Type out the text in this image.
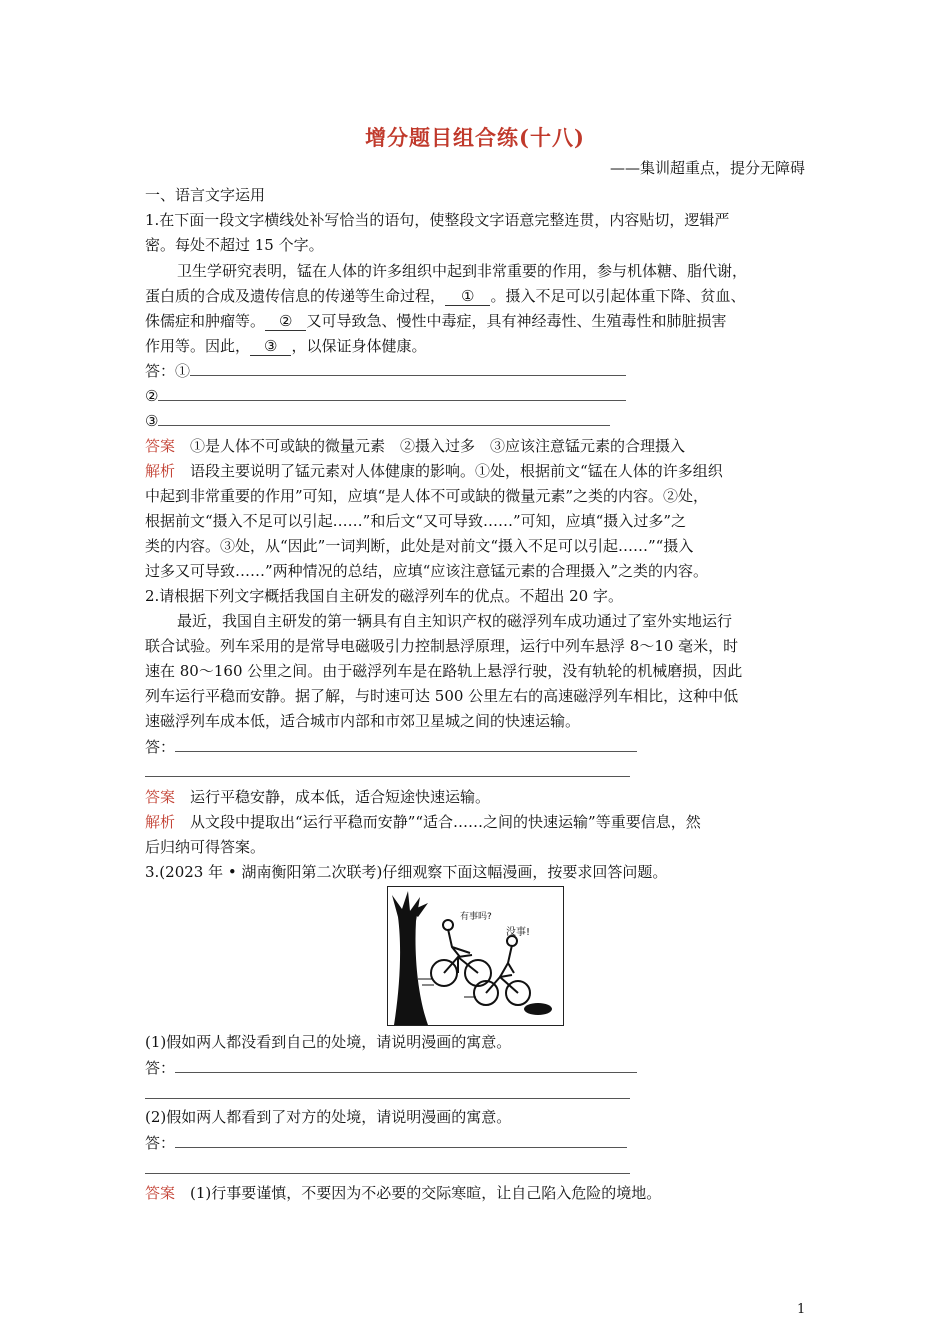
增分题目组合练(十八)
——集训超重点，提分无障碍
一、语言文字运用
1.在下面一段文字横线处补写恰当的语句，使整段文字语意完整连贯，内容贴切，逻辑严
密。每处不超过 15 个字。
卫生学研究表明，锰在人体的许多组织中起到非常重要的作用，参与机体糖、脂代谢，
蛋白质的合成及遗传信息的传递等生命过程， ① 。摄入不足可以引起体重下降、贫血、
侏儒症和肿瘤等。 ② 又可导致急、慢性中毒症，具有神经毒性、生殖毒性和肺脏损害
作用等。因此， ③ ，以保证身体健康。
答：①
②
③
答案　 ①是人体不可或缺的微量元素　②摄入过多　③应该注意锰元素的合理摄入
解析　 语段主要说明了锰元素对人体健康的影响。①处，根据前文“锰在人体的许多组织
中起到非常重要的作用”可知，应填“是人体不可或缺的微量元素”之类的内容。②处，
根据前文“摄入不足可以引起……”和后文“又可导致……”可知，应填“摄入过多”之
类的内容。③处，从“因此”一词判断，此处是对前文“摄入不足可以引起……”“摄入
过多又可导致……”两种情况的总结，应填“应该注意锰元素的合理摄入”之类的内容。
2.请根据下列文字概括我国自主研发的磁浮列车的优点。不超出 20 字。
最近，我国自主研发的第一辆具有自主知识产权的磁浮列车成功通过了室外实地运行
联合试验。列车采用的是常导电磁吸引力控制悬浮原理，运行中列车悬浮 8～10 毫米，时
速在 80～160 公里之间。由于磁浮列车是在路轨上悬浮行驶，没有轨轮的机械磨损，因此
列车运行平稳而安静。据了解，与时速可达 500 公里左右的高速磁浮列车相比，这种中低
速磁浮列车成本低，适合城市内部和市郊卫星城之间的快速运输。
答：
答案　 运行平稳安静，成本低，适合短途快速运输。
解析　 从文段中提取出“运行平稳而安静”“适合……之间的快速运输”等重要信息，然
后归纳可得答案。
3.(2023 年 • 湖南衡阳第二次联考)仔细观察下面这幅漫画，按要求回答问题。
有事吗?
没事!
(1)假如两人都没看到自己的处境，请说明漫画的寓意。
答：
(2)假如两人都看到了对方的处境，请说明漫画的寓意。
答：
答案　 (1)行事要谨慎，不要因为不必要的交际寒暄，让自己陷入危险的境地。
1
